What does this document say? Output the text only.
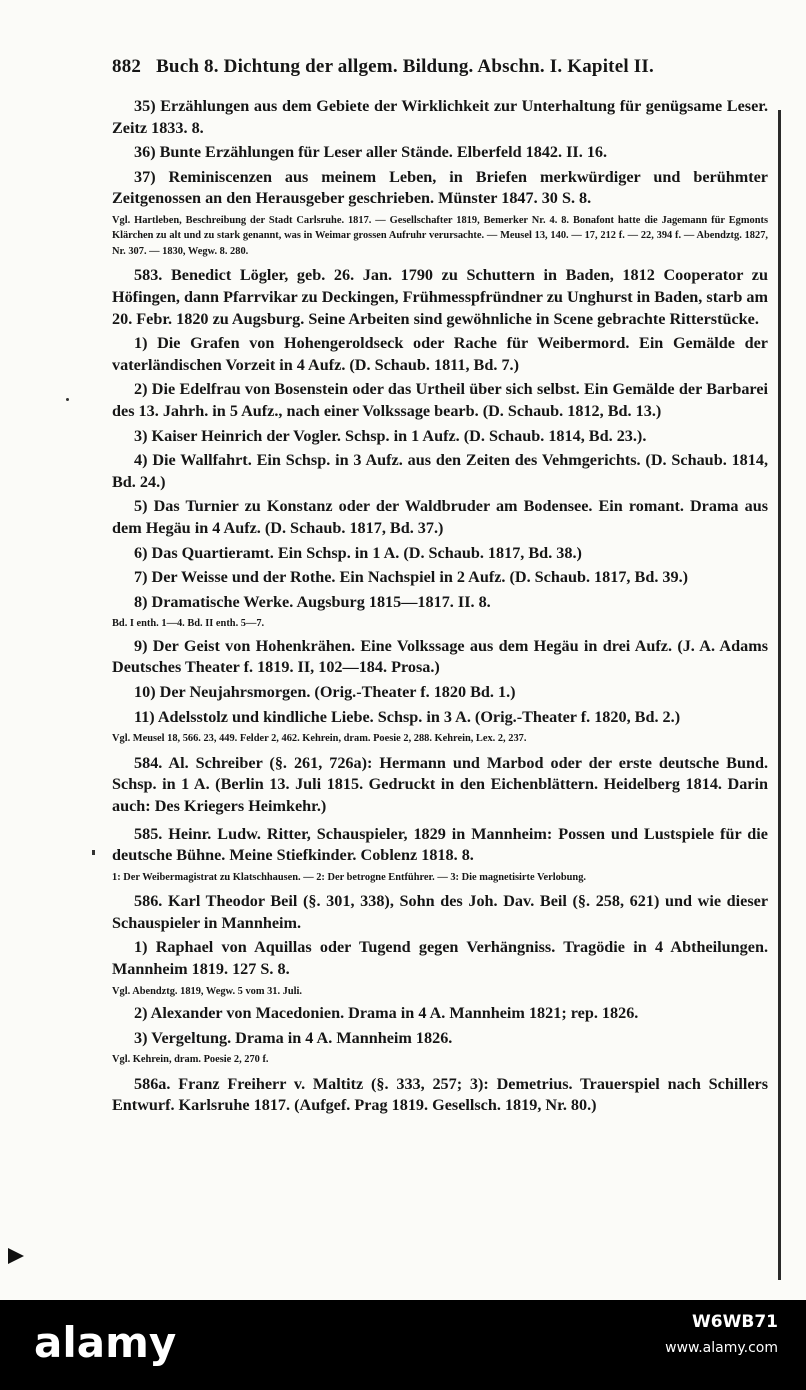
882 Buch 8. Dichtung der allgem. Bildung. Abschn. I. Kapitel II.

35) Erzählungen aus dem Gebiete der Wirklichkeit zur Unterhaltung für genügsame Leser. Zeitz 1833. 8.

36) Bunte Erzählungen für Leser aller Stände. Elberfeld 1842. II. 16.

37) Reminiscenzen aus meinem Leben, in Briefen merkwürdiger und berühmter Zeitgenossen an den Herausgeber geschrieben. Münster 1847. 30 S. 8.

Vgl. Hartleben, Beschreibung der Stadt Carlsruhe. 1817. — Gesellschafter 1819, Bemerker Nr. 4. 8. Bonafont hatte die Jagemann für Egmonts Klärchen zu alt und zu stark genannt, was in Weimar grossen Aufruhr verursachte. — Meusel 13, 140. — 17, 212 f. — 22, 394 f. — Abendztg. 1827, Nr. 307. — 1830, Wegw. 8. 280.

583. Benedict Lögler, geb. 26. Jan. 1790 zu Schuttern in Baden, 1812 Cooperator zu Höfingen, dann Pfarrvikar zu Deckingen, Frühmesspfründner zu Unghurst in Baden, starb am 20. Febr. 1820 zu Augsburg. Seine Arbeiten sind gewöhnliche in Scene gebrachte Ritterstücke.

1) Die Grafen von Hohengeroldseck oder Rache für Weibermord. Ein Gemälde der vaterländischen Vorzeit in 4 Aufz. (D. Schaub. 1811, Bd. 7.)

2) Die Edelfrau von Bosenstein oder das Urtheil über sich selbst. Ein Gemälde der Barbarei des 13. Jahrh. in 5 Aufz., nach einer Volkssage bearb. (D. Schaub. 1812, Bd. 13.)

3) Kaiser Heinrich der Vogler. Schsp. in 1 Aufz. (D. Schaub. 1814, Bd. 23.).

4) Die Wallfahrt. Ein Schsp. in 3 Aufz. aus den Zeiten des Vehmgerichts. (D. Schaub. 1814, Bd. 24.)

5) Das Turnier zu Konstanz oder der Waldbruder am Bodensee. Ein romant. Drama aus dem Hegäu in 4 Aufz. (D. Schaub. 1817, Bd. 37.)

6) Das Quartieramt. Ein Schsp. in 1 A. (D. Schaub. 1817, Bd. 38.)

7) Der Weisse und der Rothe. Ein Nachspiel in 2 Aufz. (D. Schaub. 1817, Bd. 39.)

8) Dramatische Werke. Augsburg 1815—1817. II. 8.

Bd. I enth. 1—4. Bd. II enth. 5—7.

9) Der Geist von Hohenkrähen. Eine Volkssage aus dem Hegäu in drei Aufz. (J. A. Adams Deutsches Theater f. 1819. II, 102—184. Prosa.)

10) Der Neujahrsmorgen. (Orig.-Theater f. 1820 Bd. 1.)

11) Adelsstolz und kindliche Liebe. Schsp. in 3 A. (Orig.-Theater f. 1820, Bd. 2.)

Vgl. Meusel 18, 566. 23, 449. Felder 2, 462. Kehrein, dram. Poesie 2, 288. Kehrein, Lex. 2, 237.

584. Al. Schreiber (§. 261, 726a): Hermann und Marbod oder der erste deutsche Bund. Schsp. in 1 A. (Berlin 13. Juli 1815. Gedruckt in den Eichenblättern. Heidelberg 1814. Darin auch: Des Kriegers Heimkehr.)

585. Heinr. Ludw. Ritter, Schauspieler, 1829 in Mannheim: Possen und Lustspiele für die deutsche Bühne. Meine Stiefkinder. Coblenz 1818. 8.

1: Der Weibermagistrat zu Klatschhausen. — 2: Der betrogne Entführer. — 3: Die magnetisirte Verlobung.

586. Karl Theodor Beil (§. 301, 338), Sohn des Joh. Dav. Beil (§. 258, 621) und wie dieser Schauspieler in Mannheim.

1) Raphael von Aquillas oder Tugend gegen Verhängniss. Tragödie in 4 Abtheilungen. Mannheim 1819. 127 S. 8.

Vgl. Abendztg. 1819, Wegw. 5 vom 31. Juli.

2) Alexander von Macedonien. Drama in 4 A. Mannheim 1821; rep. 1826.

3) Vergeltung. Drama in 4 A. Mannheim 1826.

Vgl. Kehrein, dram. Poesie 2, 270 f.

586a. Franz Freiherr v. Maltitz (§. 333, 257; 3): Demetrius. Trauerspiel nach Schillers Entwurf. Karlsruhe 1817. (Aufgef. Prag 1819. Gesellsch. 1819, Nr. 80.)

alamy	W6WB71
www.alamy.com
